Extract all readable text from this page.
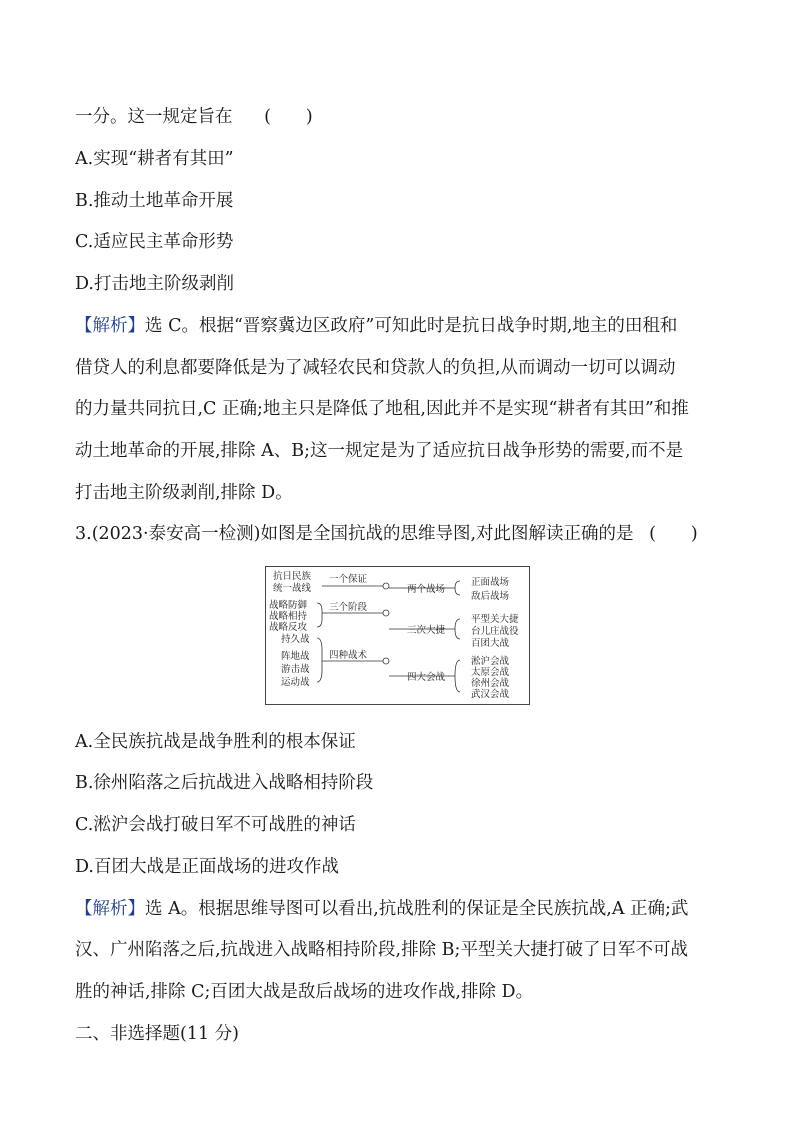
一分。这一规定旨在 (　　)
A.实现“耕者有其田”
B.推动土地革命开展
C.适应民主革命形势
D.打击地主阶级剥削
【解析】选 C。根据“晋察冀边区政府”可知此时是抗日战争时期,地主的田租和
借贷人的利息都要降低是为了减轻农民和贷款人的负担,从而调动一切可以调动
的力量共同抗日,C 正确;地主只是降低了地租,因此并不是实现“耕者有其田”和推
动土地革命的开展,排除 A、B;这一规定是为了适应抗日战争形势的需要,而不是
打击地主阶级剥削,排除 D。
3.(2023·泰安高一检测)如图是全国抗战的思维导图,对此图解读正确的是 (　　)
抗日民族
统一战线
一个保证
两个战场
正面战场
敌后战场
战略防御
战略相持
战略反攻
三个阶段
三次大捷
平型关大捷
台儿庄战役
百团大战
持久战
阵地战
游击战
运动战
四种战术
四大会战
淞沪会战
太原会战
徐州会战
武汉会战
A.全民族抗战是战争胜利的根本保证
B.徐州陷落之后抗战进入战略相持阶段
C.淞沪会战打破日军不可战胜的神话
D.百团大战是正面战场的进攻作战
【解析】选 A。根据思维导图可以看出,抗战胜利的保证是全民族抗战,A 正确;武
汉、广州陷落之后,抗战进入战略相持阶段,排除 B;平型关大捷打破了日军不可战
胜的神话,排除 C;百团大战是敌后战场的进攻作战,排除 D。
二、非选择题(11 分)
